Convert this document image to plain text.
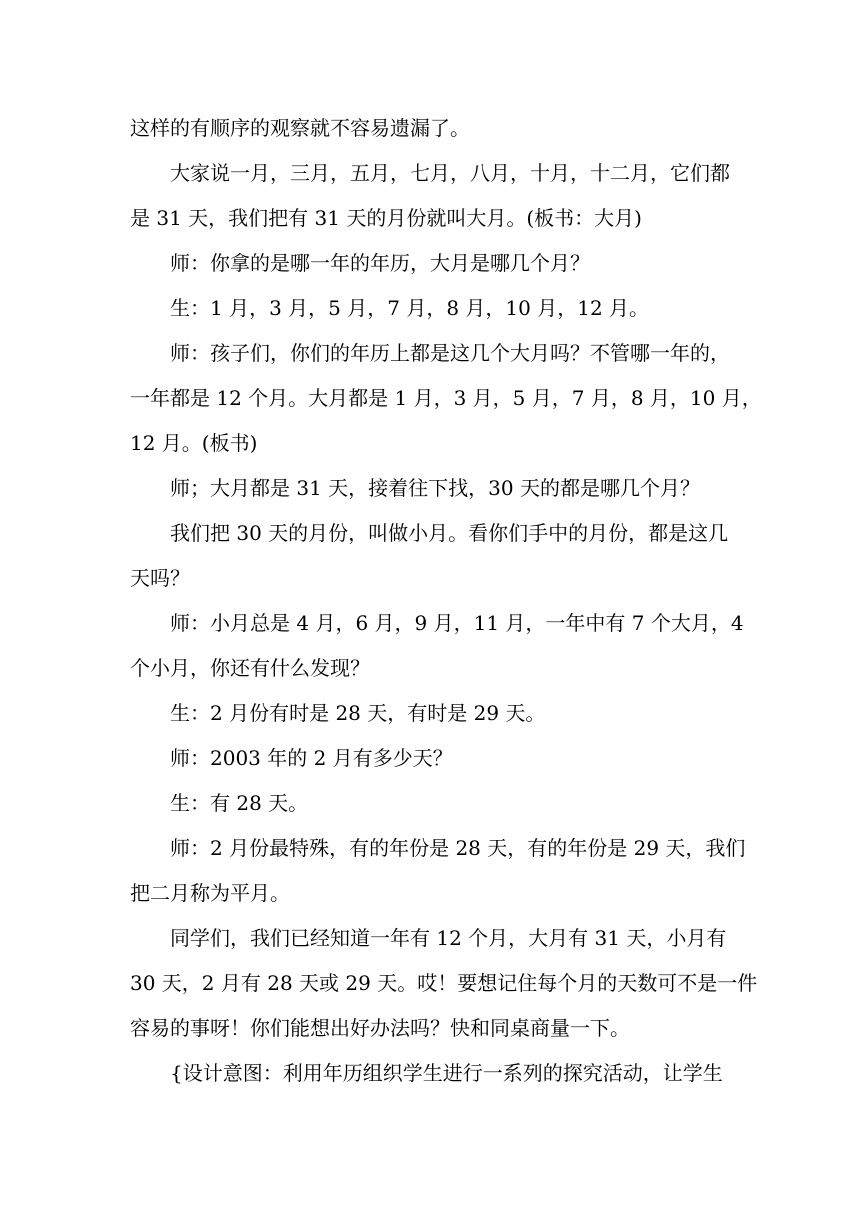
这样的有顺序的观察就不容易遗漏了。
大家说一月，三月，五月，七月，八月，十月，十二月，它们都
是 31 天，我们把有 31 天的月份就叫大月。(板书：大月)
师：你拿的是哪一年的年历，大月是哪几个月？
生：1 月，3 月，5 月，7 月，8 月，10 月，12 月。
师：孩子们，你们的年历上都是这几个大月吗？不管哪一年的，
一年都是 12 个月。大月都是 1 月，3 月，5 月，7 月，8 月，10 月，
12 月。(板书)
师；大月都是 31 天，接着往下找，30 天的都是哪几个月？
我们把 30 天的月份，叫做小月。看你们手中的月份，都是这几
天吗？
师：小月总是 4 月，6 月，9 月，11 月，一年中有 7 个大月，4
个小月，你还有什么发现？
生：2 月份有时是 28 天，有时是 29 天。
师：2003 年的 2 月有多少天？
生：有 28 天。
师：2 月份最特殊，有的年份是 28 天，有的年份是 29 天，我们
把二月称为平月。
同学们，我们已经知道一年有 12 个月，大月有 31 天，小月有
30 天，2 月有 28 天或 29 天。哎！要想记住每个月的天数可不是一件
容易的事呀！你们能想出好办法吗？快和同桌商量一下。
{设计意图：利用年历组织学生进行一系列的探究活动，让学生
